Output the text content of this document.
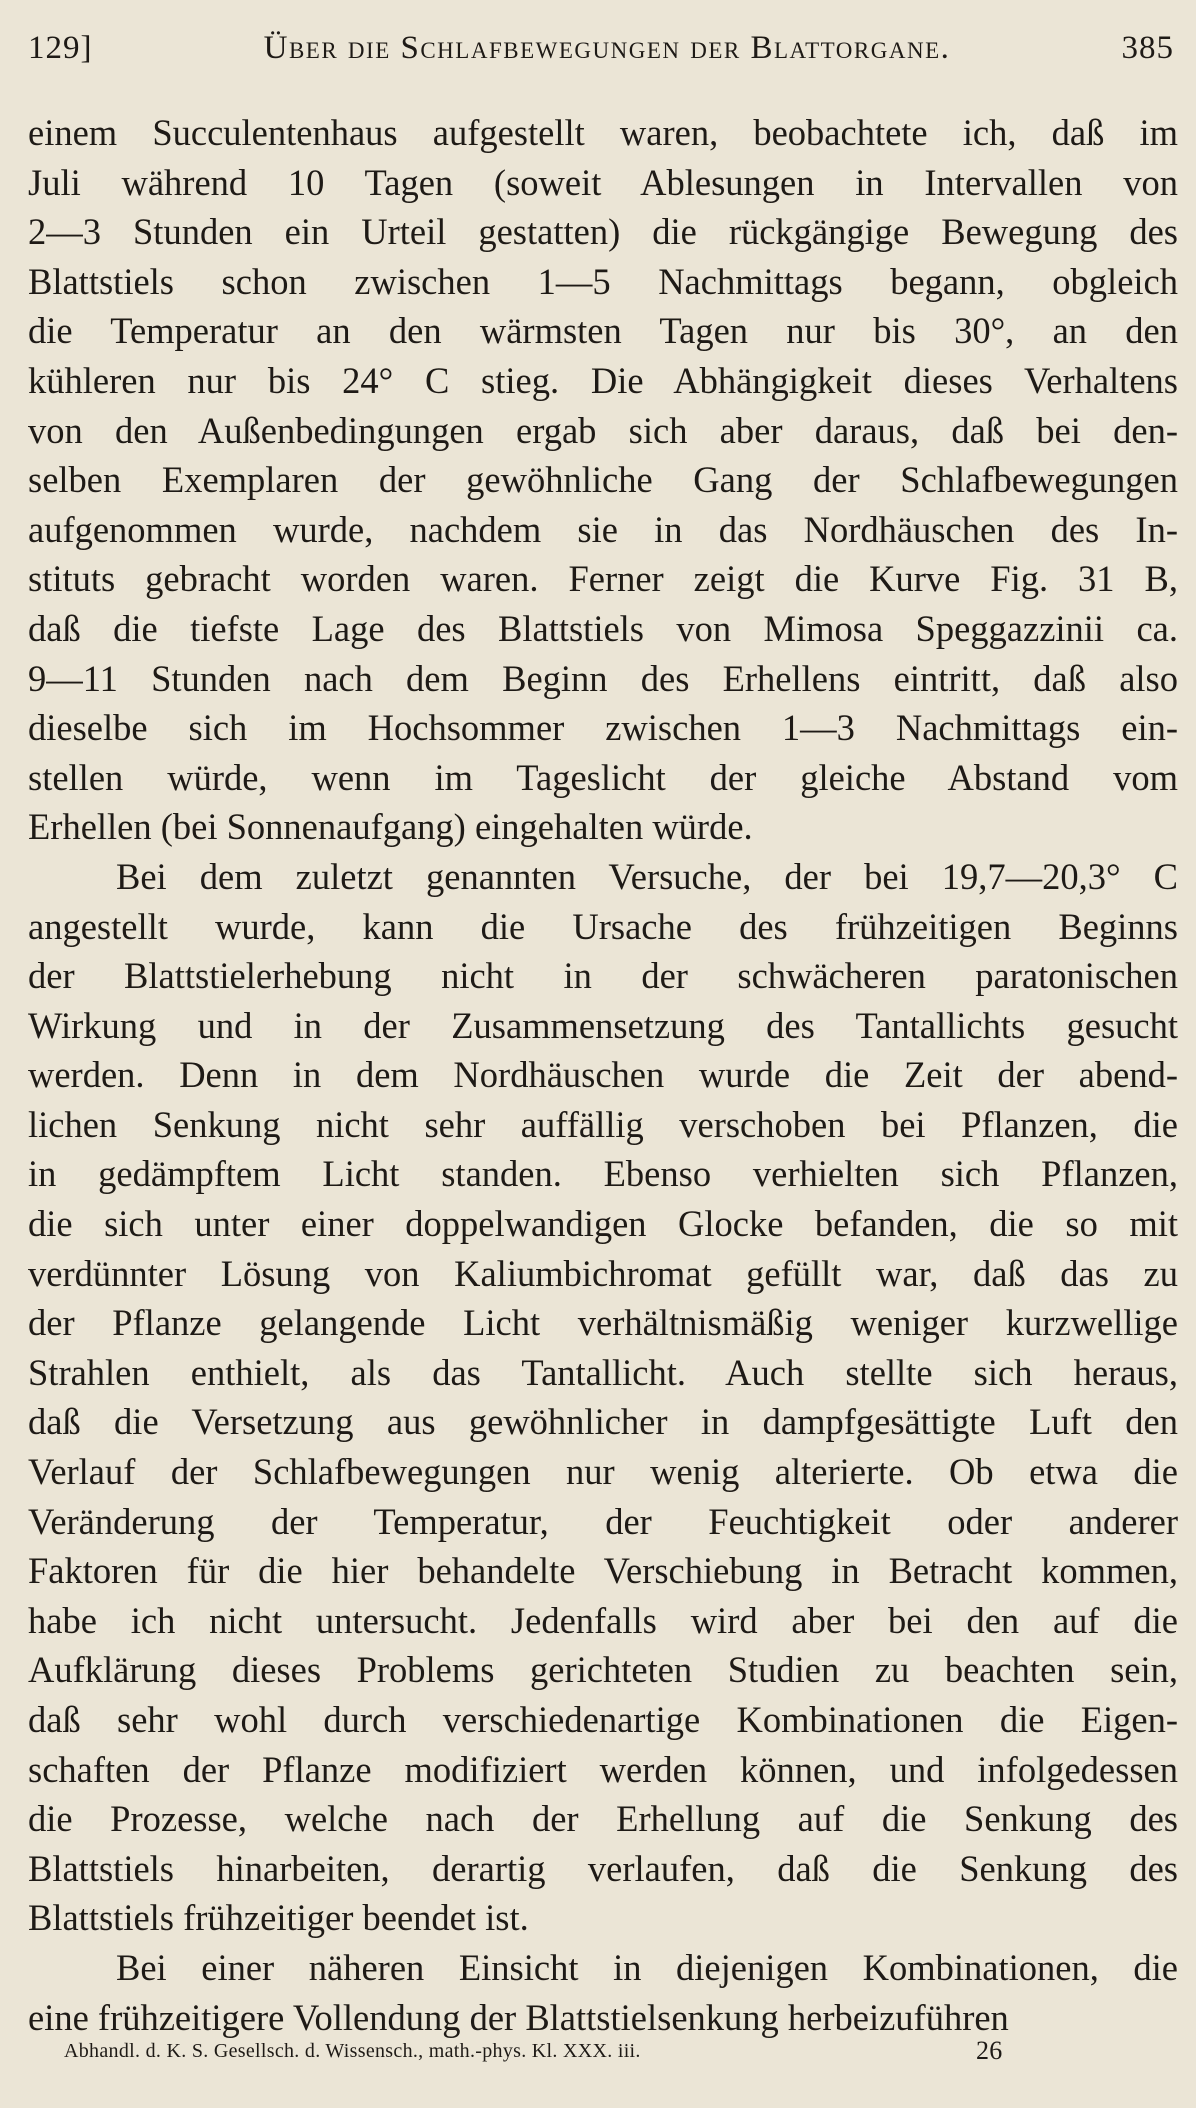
129]	Über die Schlafbewegungen der Blattorgane.	385
einem Succulentenhaus aufgestellt waren, beobachtete ich, daß im
Juli während 10 Tagen (soweit Ablesungen in Intervallen von
2—3 Stunden ein Urteil gestatten) die rückgängige Bewegung des
Blattstiels schon zwischen 1—5 Nachmittags begann, obgleich
die Temperatur an den wärmsten Tagen nur bis 30°, an den
kühleren nur bis 24° C stieg. Die Abhängigkeit dieses Verhaltens
von den Außenbedingungen ergab sich aber daraus, daß bei den-
selben Exemplaren der gewöhnliche Gang der Schlafbewegungen
aufgenommen wurde, nachdem sie in das Nordhäuschen des In-
stituts gebracht worden waren. Ferner zeigt die Kurve Fig. 31 B,
daß die tiefste Lage des Blattstiels von Mimosa Speggazzinii ca.
9—11 Stunden nach dem Beginn des Erhellens eintritt, daß also
dieselbe sich im Hochsommer zwischen 1—3 Nachmittags ein-
stellen würde, wenn im Tageslicht der gleiche Abstand vom
Erhellen (bei Sonnenaufgang) eingehalten würde.
Bei dem zuletzt genannten Versuche, der bei 19,7—20,3° C
angestellt wurde, kann die Ursache des frühzeitigen Beginns
der Blattstielerhebung nicht in der schwächeren paratonischen
Wirkung und in der Zusammensetzung des Tantallichts gesucht
werden. Denn in dem Nordhäuschen wurde die Zeit der abend-
lichen Senkung nicht sehr auffällig verschoben bei Pflanzen, die
in gedämpftem Licht standen. Ebenso verhielten sich Pflanzen,
die sich unter einer doppelwandigen Glocke befanden, die so mit
verdünnter Lösung von Kaliumbichromat gefüllt war, daß das zu
der Pflanze gelangende Licht verhältnismäßig weniger kurzwellige
Strahlen enthielt, als das Tantallicht. Auch stellte sich heraus,
daß die Versetzung aus gewöhnlicher in dampfgesättigte Luft den
Verlauf der Schlafbewegungen nur wenig alterierte. Ob etwa die
Veränderung der Temperatur, der Feuchtigkeit oder anderer
Faktoren für die hier behandelte Verschiebung in Betracht kommen,
habe ich nicht untersucht. Jedenfalls wird aber bei den auf die
Aufklärung dieses Problems gerichteten Studien zu beachten sein,
daß sehr wohl durch verschiedenartige Kombinationen die Eigen-
schaften der Pflanze modifiziert werden können, und infolgedessen
die Prozesse, welche nach der Erhellung auf die Senkung des
Blattstiels hinarbeiten, derartig verlaufen, daß die Senkung des
Blattstiels frühzeitiger beendet ist.
Bei einer näheren Einsicht in diejenigen Kombinationen, die
eine frühzeitigere Vollendung der Blattstielsenkung herbeizuführen
Abhandl. d. K. S. Gesellsch. d. Wissensch., math.-phys. Kl. XXX. iii.	26
